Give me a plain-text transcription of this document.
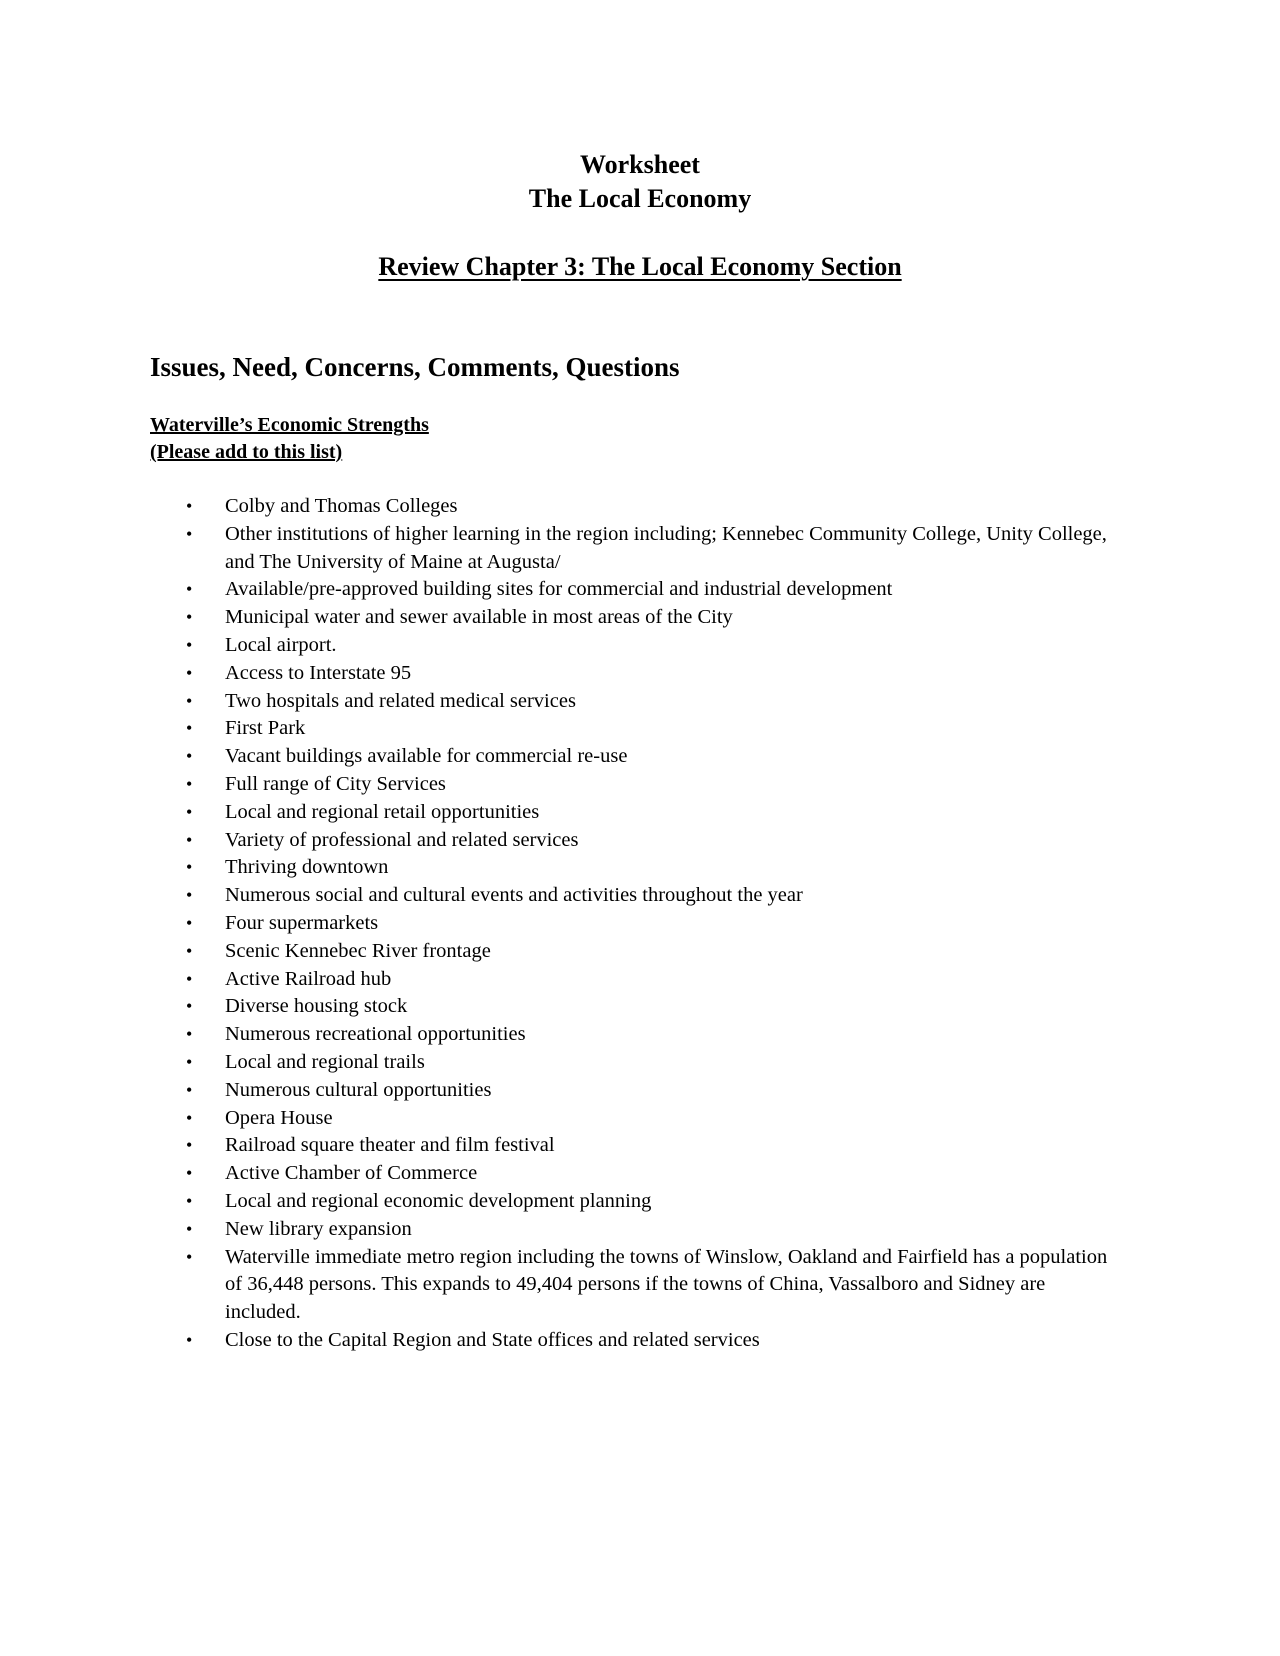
Worksheet
The Local Economy
Review Chapter 3: The Local Economy Section
Issues, Need, Concerns, Comments, Questions
Waterville’s Economic Strengths
(Please add to this list)
• Colby and Thomas Colleges
• Other institutions of higher learning in the region including; Kennebec Community College, Unity College, and The University of Maine at Augusta/
• Available/pre-approved building sites for commercial and industrial development
• Municipal water and sewer available in most areas of the City
• Local airport.
• Access to Interstate 95
• Two hospitals and related medical services
• First Park
• Vacant buildings available for commercial re-use
• Full range of City Services
• Local and regional retail opportunities
• Variety of professional and related services
• Thriving downtown
• Numerous social and cultural events and activities throughout the year
• Four supermarkets
• Scenic Kennebec River frontage
• Active Railroad hub
• Diverse housing stock
• Numerous recreational opportunities
• Local and regional trails
• Numerous cultural opportunities
• Opera House
• Railroad square theater and film festival
• Active Chamber of Commerce
• Local and regional economic development planning
• New library expansion
• Waterville immediate metro region including the towns of Winslow, Oakland and Fairfield has a population of 36,448 persons. This expands to 49,404 persons if the towns of China, Vassalboro and Sidney are included.
• Close to the Capital Region and State offices and related services
